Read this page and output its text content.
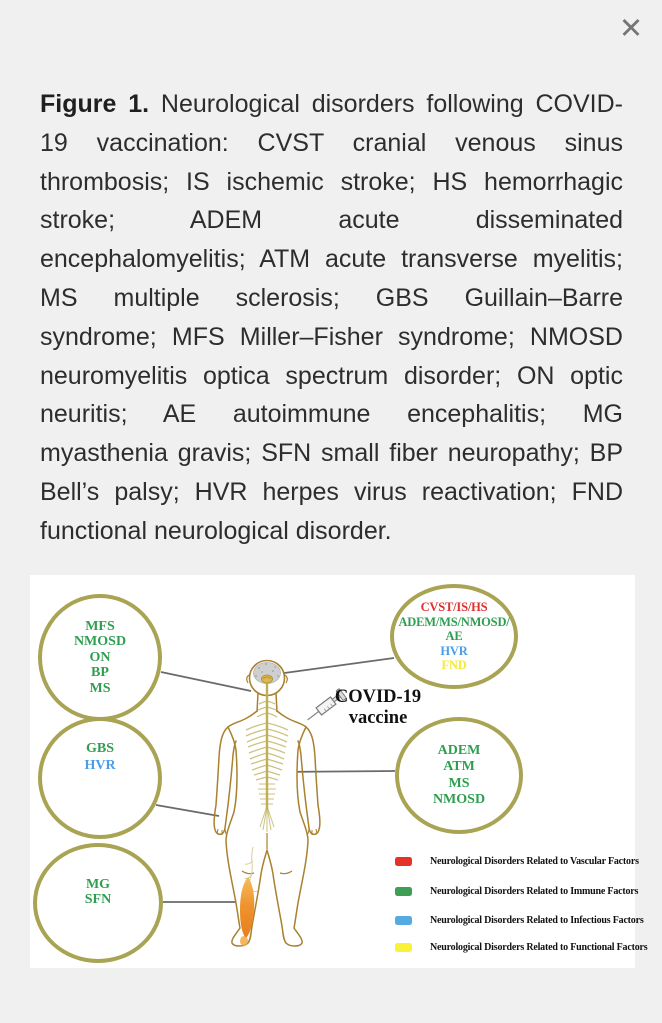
✕

Figure 1. Neurological disorders following COVID-19 vaccination: CVST cranial venous sinus thrombosis; IS ischemic stroke; HS hemorrhagic stroke; ADEM acute disseminated encephalomyelitis; ATM acute transverse myelitis; MS multiple sclerosis; GBS Guillain–Barre syndrome; MFS Miller–Fisher syndrome; NMOSD neuromyelitis optica spectrum disorder; ON optic neuritis; AE autoimmune encephalitis; MG myasthenia gravis; SFN small fiber neuropathy; BP Bell’s palsy; HVR herpes virus reactivation; FND functional neurological disorder.

MFS
NMOSD
ON
BP
MS
GBS
HVR
MG
SFN
CVST/IS/HS
ADEM/MS/NMOSD/
AE
HVR
FND
ADEM
ATM
MS
NMOSD
COVID-19
vaccine
Neurological Disorders Related to Vascular Factors
Neurological Disorders Related to Immune Factors
Neurological Disorders Related to Infectious Factors
Neurological Disorders Related to Functional Factors
